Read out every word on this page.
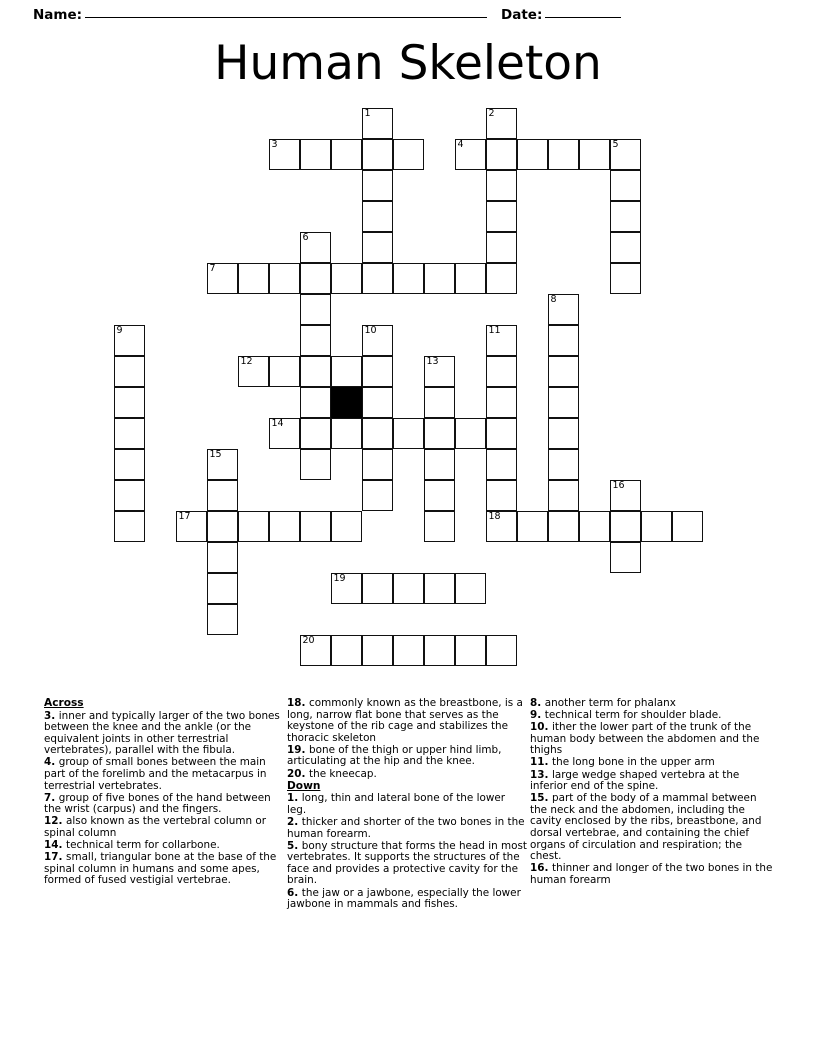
Name:	Date:
Human Skeleton
1	2
3	4	5
6
7
8
9	10	11
12	13
14
15
16
17	18
19
20
Across

3. inner and typically larger of the two bones between the knee and the ankle (or the equivalent joints in other terrestrial vertebrates), parallel with the fibula.

4. group of small bones between the main part of the forelimb and the metacarpus in terrestrial vertebrates.

7. group of five bones of the hand between the wrist (carpus) and the fingers.

12. also known as the vertebral column or spinal column

14. technical term for collarbone.

17. small, triangular bone at the base of the spinal column in humans and some apes, formed of fused vestigial vertebrae.

18. commonly known as the breastbone, is a long, narrow flat bone that serves as the keystone of the rib cage and stabilizes the thoracic skeleton

19. bone of the thigh or upper hind limb, articulating at the hip and the knee.

20. the kneecap.

Down

1. long, thin and lateral bone of the lower leg.

2. thicker and shorter of the two bones in the human forearm.

5. bony structure that forms the head in most vertebrates. It supports the structures of the face and provides a protective cavity for the brain.

6. the jaw or a jawbone, especially the lower jawbone in mammals and fishes.

8. another term for phalanx

9. technical term for shoulder blade.

10. ither the lower part of the trunk of the human body between the abdomen and the thighs

11. the long bone in the upper arm

13. large wedge shaped vertebra at the inferior end of the spine.

15. part of the body of a mammal between the neck and the abdomen, including the cavity enclosed by the ribs, breastbone, and dorsal vertebrae, and containing the chief organs of circulation and respiration; the chest.

16. thinner and longer of the two bones in the human forearm
